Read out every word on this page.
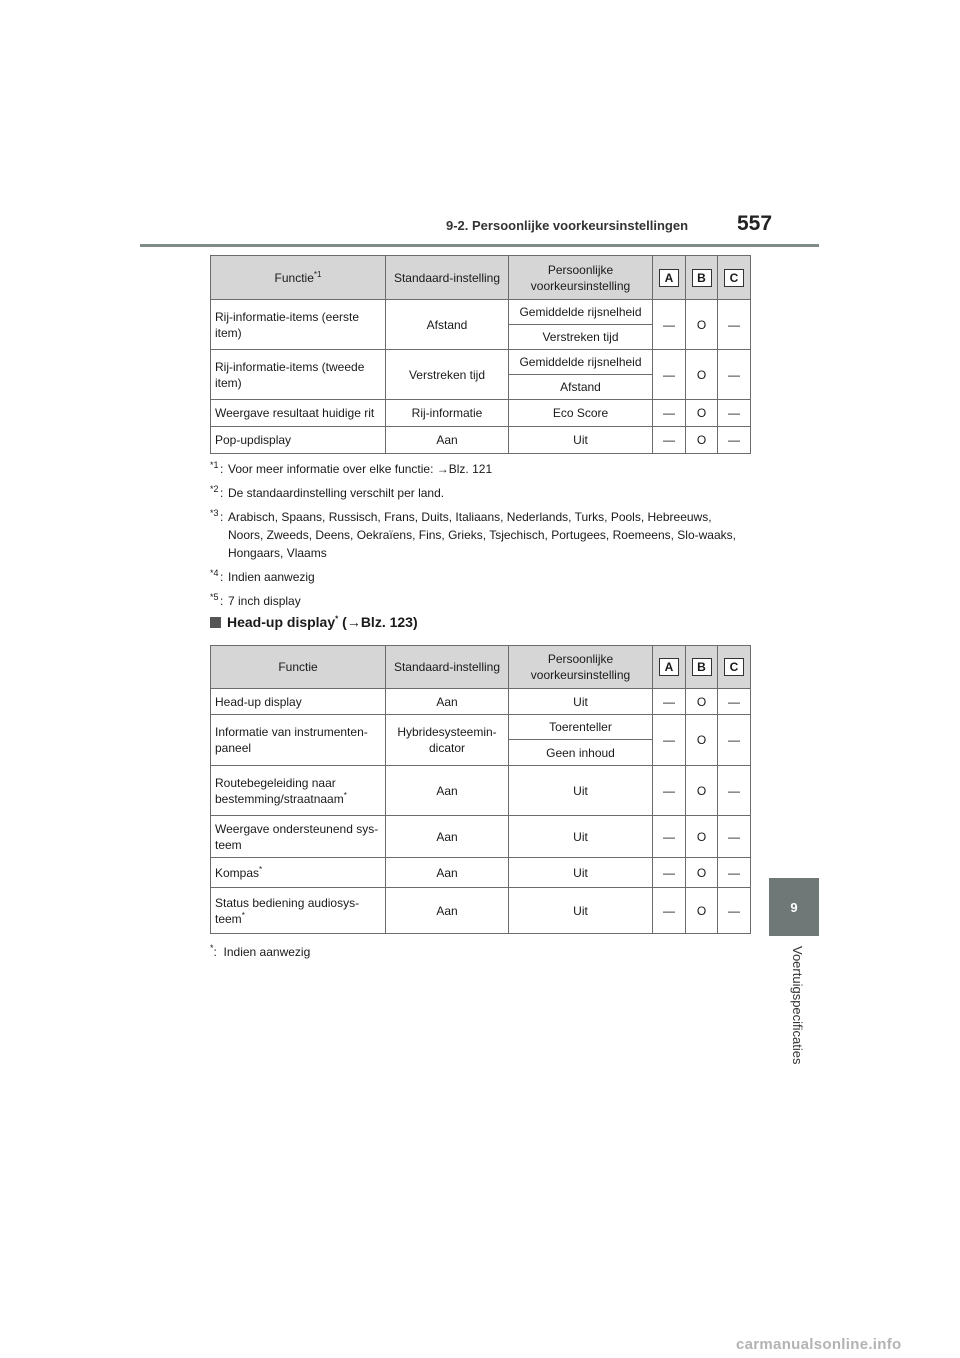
9-2. Persoonlijke voorkeursinstellingen 557
9
Voertuigspecificaties
Functie$^{*1}$	Standaard-instelling	Persoonlijke voorkeursinstelling	A	B	C
Rij-informatie-items (eerste item)	Afstand	Gemiddelde rijsnelheid	—	O	—
		Verstreken tijd			
Rij-informatie-items (tweede item)	Verstreken tijd	Gemiddelde rijsnelheid	—	O	—
		Afstand			
Weergave resultaat huidige rit	Rij-informatie	Eco Score	—	O	—
Pop-updisplay	Aan	Uit	—	O	—
*1 : Voor meer informatie over elke functie: →Blz. 121
*2 : De standaardinstelling verschilt per land.
*3 : Arabisch, Spaans, Russisch, Frans, Duits, Italiaans, Nederlands, Turks, Pools, Hebreeuws, Noors, Zweeds, Deens, Oekraïens, Fins, Grieks, Tsjechisch, Portugees, Roemeens, Slo-waaks, Hongaars, Vlaams
*4 : Indien aanwezig
*5 : 7 inch display
Head-up display* (→Blz. 123)
Functie	Standaard-instelling	Persoonlijke voorkeursinstelling	A	B	C
Head-up display	Aan	Uit	—	O	—
Informatie van instrumenten-paneel	Hybridesysteemin-dicator	Toerenteller	—	O	—
		Geen inhoud			
Routebegeleiding naar bestemming/straatnaam*	Aan	Uit	—	O	—
Weergave ondersteunend sys-teem	Aan	Uit	—	O	—
Kompas*	Aan	Uit	—	O	—
Status bediening audiosys-teem*	Aan	Uit	—	O	—
*:  Indien aanwezig
carmanualsonline.info
